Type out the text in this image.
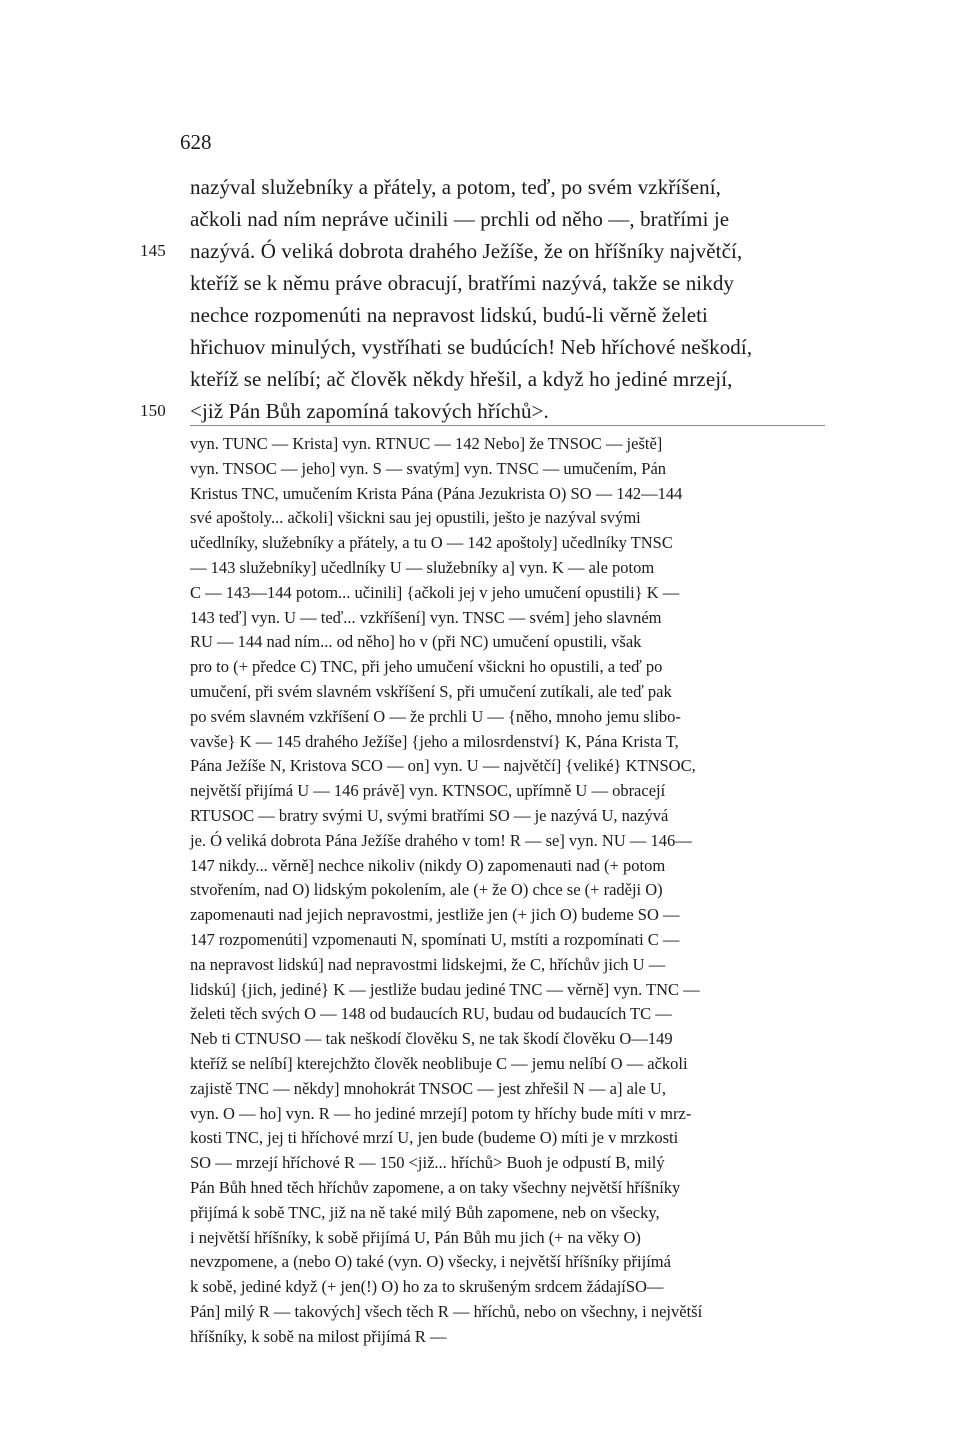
628
nazýval služebníky a přátely, a potom, teď, po svém vzkříšení,
ačkoli nad ním nepráve učinili — prchli od něho —, bratřími je
145	nazývá. Ó veliká dobrota drahého Ježíše, že on hříšníky najvětčí,
kteříž se k němu práve obracují, bratřími nazývá, takže se nikdy
nechce rozpomenúti na nepravost lidskú, budú-li věrně želeti
hřichuov minulých, vystříhati se budúcích! Neb hříchové neškodí,
kteříž se nelíbí; ač člověk někdy hřešil, a když ho jediné mrzejí,
150	<již Pán Bůh zapomíná takových hříchů>.
vyn. TUNC — Krista] vyn. RTNUC — 142 Nebo] že TNSOC — ještě]
vyn. TNSOC — jeho] vyn. S — svatým] vyn. TNSC — umučením, Pán
Kristus TNC, umučením Krista Pána (Pána Jezukrista O) SO — 142—144
své apoštoly... ačkoli] všickni sau jej opustili, ješto je nazýval svými
učedlníky, služebníky a přátely, a tu O — 142 apoštoly] učedlníky TNSC
— 143 služebníky] učedlníky U — služebníky a] vyn. K — ale potom
C — 143—144 potom... učinili] {ačkoli jej v jeho umučení opustili} K —
143 teď] vyn. U — teď... vzkříšení] vyn. TNSC — svém] jeho slavném
RU — 144 nad ním... od něho] ho v (při NC) umučení opustili, však
pro to (+ předce C) TNC, při jeho umučení všickni ho opustili, a teď po
umučení, při svém slavném vskříšení S, při umučení zutíkali, ale teď pak
po svém slavném vzkříšení O — že prchli U — {něho, mnoho jemu slibo-
vavše} K — 145 drahého Ježíše] {jeho a milosrdenství} K, Pána Krista T,
Pána Ježíše N, Kristova SCO — on] vyn. U — najvětčí] {veliké} KTNSOC,
největší přijímá U — 146 právě] vyn. KTNSOC, upřímně U — obracejí
RTUSOC — bratry svými U, svými bratřími SO — je nazývá U, nazývá
je. Ó veliká dobrota Pána Ježíše drahého v tom! R — se] vyn. NU — 146—
147 nikdy... věrně] nechce nikoliv (nikdy O) zapomenauti nad (+ potom
stvořením, nad O) lidským pokolením, ale (+ že O) chce se (+ raději O)
zapomenauti nad jejich nepravostmi, jestliže jen (+ jich O) budeme SO —
147 rozpomenúti] vzpomenauti N, spomínati U, mstíti a rozpomínati C —
na nepravost lidskú] nad nepravostmi lidskejmi, že C, hříchův jich U —
lidskú] {jich, jediné} K — jestliže budau jediné TNC — věrně] vyn. TNC —
želeti těch svých O — 148 od budaucích RU, budau od budaucích TC —
Neb ti CTNUSO — tak neškodí člověku S, ne tak škodí člověku O—149
kteříž se nelíbí] kterejchžto člověk neoblibuje C — jemu nelíbí O — ačkoli
zajistě TNC — někdy] mnohokrát TNSOC — jest zhřešil N — a] ale U,
vyn. O — ho] vyn. R — ho jediné mrzejí] potom ty hříchy bude míti v mrz-
kosti TNC, jej ti hříchové mrzí U, jen bude (budeme O) míti je v mrzkosti
SO — mrzejí hříchové R — 150 <již... hříchů> Buoh je odpustí B, milý
Pán Bůh hned těch hříchův zapomene, a on taky všechny největší hříšníky
přijímá k sobě TNC, již na ně také milý Bůh zapomene, neb on všecky,
i největší hříšníky, k sobě přijímá U, Pán Bůh mu jich (+ na věky O)
nevzpomene, a (nebo O) také (vyn. O) všecky, i největší hříšníky přijímá
k sobě, jediné když (+ jen(!) O) ho za to skrušeným srdcem žádajíSO—
Pán] milý R — takových] všech těch R — hříchů, nebo on všechny, i největší
hříšníky, k sobě na milost přijímá R —
